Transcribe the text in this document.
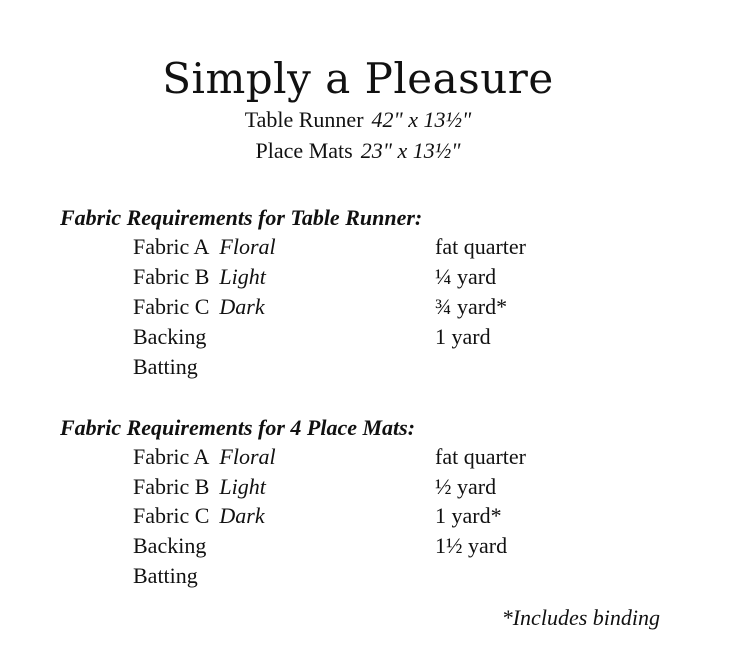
Simply a Pleasure
Table Runner 42" x 13½"
Place Mats 23" x 13½"
Fabric Requirements for Table Runner:
Fabric A Floral	fat quarter
Fabric B Light	¼ yard
Fabric C Dark	¾ yard*
Backing	1 yard
Batting
Fabric Requirements for 4 Place Mats:
Fabric A Floral	fat quarter
Fabric B Light	½ yard
Fabric C Dark	1 yard*
Backing	1½ yard
Batting
*Includes binding
